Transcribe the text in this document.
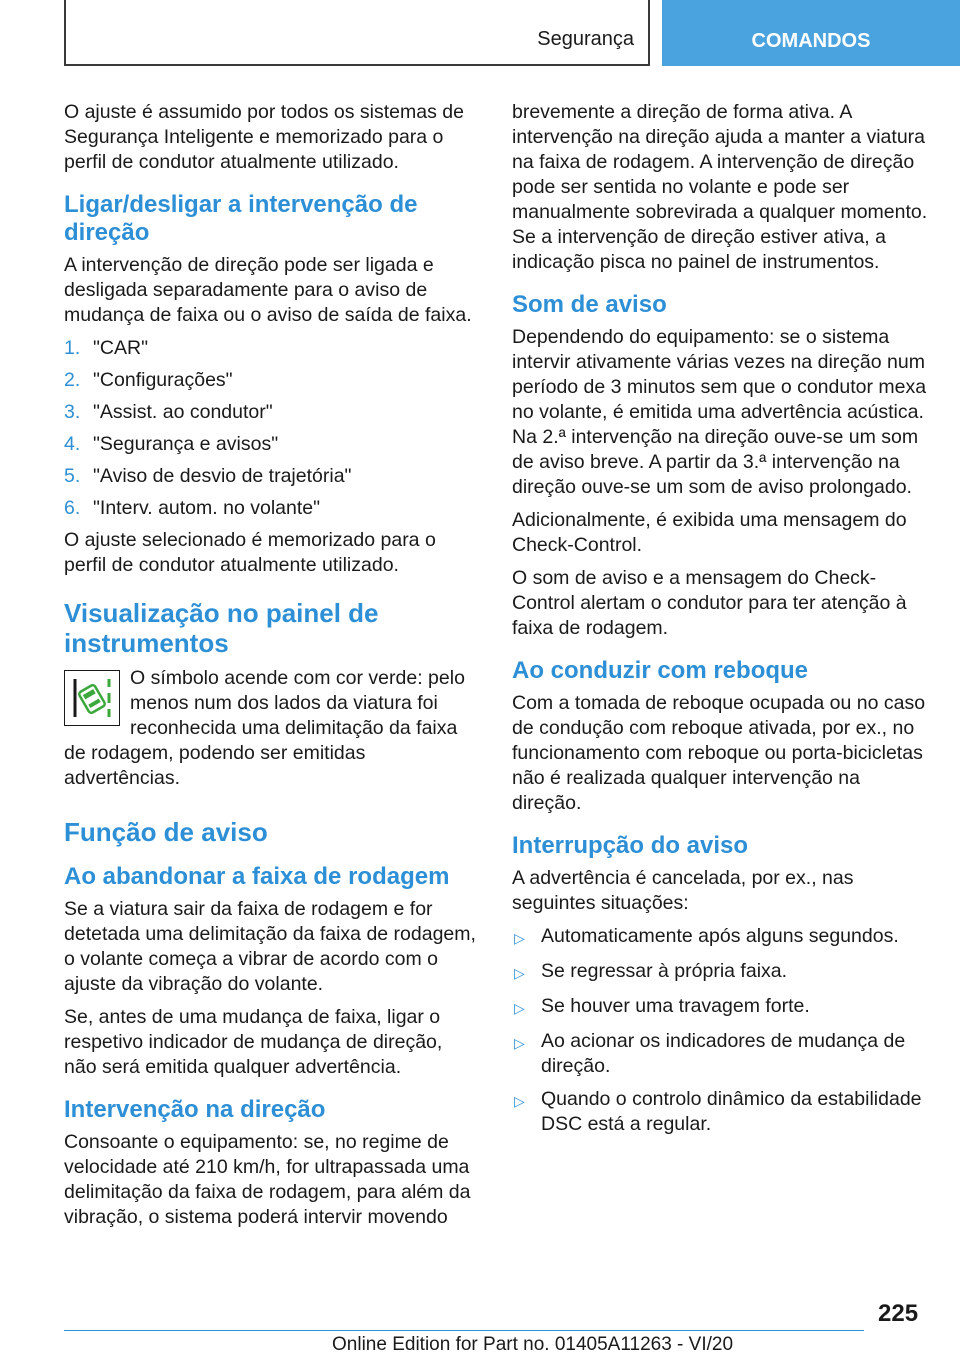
Segurança	COMANDOS

O ajuste é assumido por todos os sistemas de Segurança Inteligente e memorizado para o perfil de condutor atualmente utilizado.

Ligar/desligar a intervenção de direção

A intervenção de direção pode ser ligada e desligada separadamente para o aviso de mudança de faixa ou o aviso de saída de faixa.

1. "CAR"
2. "Configurações"
3. "Assist. ao condutor"
4. "Segurança e avisos"
5. "Aviso de desvio de trajetória"
6. "Interv. autom. no volante"

O ajuste selecionado é memorizado para o perfil de condutor atualmente utilizado.

Visualização no painel de instrumentos
O símbolo acende com cor verde: pelo menos num dos lados da viatura foi reconhecida uma delimitação da faixa de rodagem, podendo ser emitidas advertências.
Função de aviso
Ao abandonar a faixa de rodagem

Se a viatura sair da faixa de rodagem e for detetada uma delimitação da faixa de rodagem, o volante começa a vibrar de acordo com o ajuste da vibração do volante.

Se, antes de uma mudança de faixa, ligar o respetivo indicador de mudança de direção, não será emitida qualquer advertência.

Intervenção na direção

Consoante o equipamento: se, no regime de velocidade até 210 km/h, for ultrapassada uma delimitação da faixa de rodagem, para além da vibração, o sistema poderá intervir movendo

brevemente a direção de forma ativa. A intervenção na direção ajuda a manter a viatura na faixa de rodagem. A intervenção de direção pode ser sentida no volante e pode ser manualmente sobrevirada a qualquer momento. Se a intervenção de direção estiver ativa, a indicação pisca no painel de instrumentos.

Som de aviso

Dependendo do equipamento: se o sistema intervir ativamente várias vezes na direção num período de 3 minutos sem que o condutor mexa no volante, é emitida uma advertência acústica. Na 2.ª intervenção na direção ouve-se um som de aviso breve. A partir da 3.ª intervenção na direção ouve-se um som de aviso prolongado.

Adicionalmente, é exibida uma mensagem do Check-Control.

O som de aviso e a mensagem do Check-Control alertam o condutor para ter atenção à faixa de rodagem.

Ao conduzir com reboque

Com a tomada de reboque ocupada ou no caso de condução com reboque ativada, por ex., no funcionamento com reboque ou porta-bicicletas não é realizada qualquer intervenção na direção.

Interrupção do aviso

A advertência é cancelada, por ex., nas seguintes situações:

▷ Automaticamente após alguns segundos.
▷ Se regressar à própria faixa.
▷ Se houver uma travagem forte.
▷ Ao acionar os indicadores de mudança de direção.
▷ Quando o controlo dinâmico da estabilidade DSC está a regular.
225
Online Edition for Part no. 01405A11263 - VI/20
